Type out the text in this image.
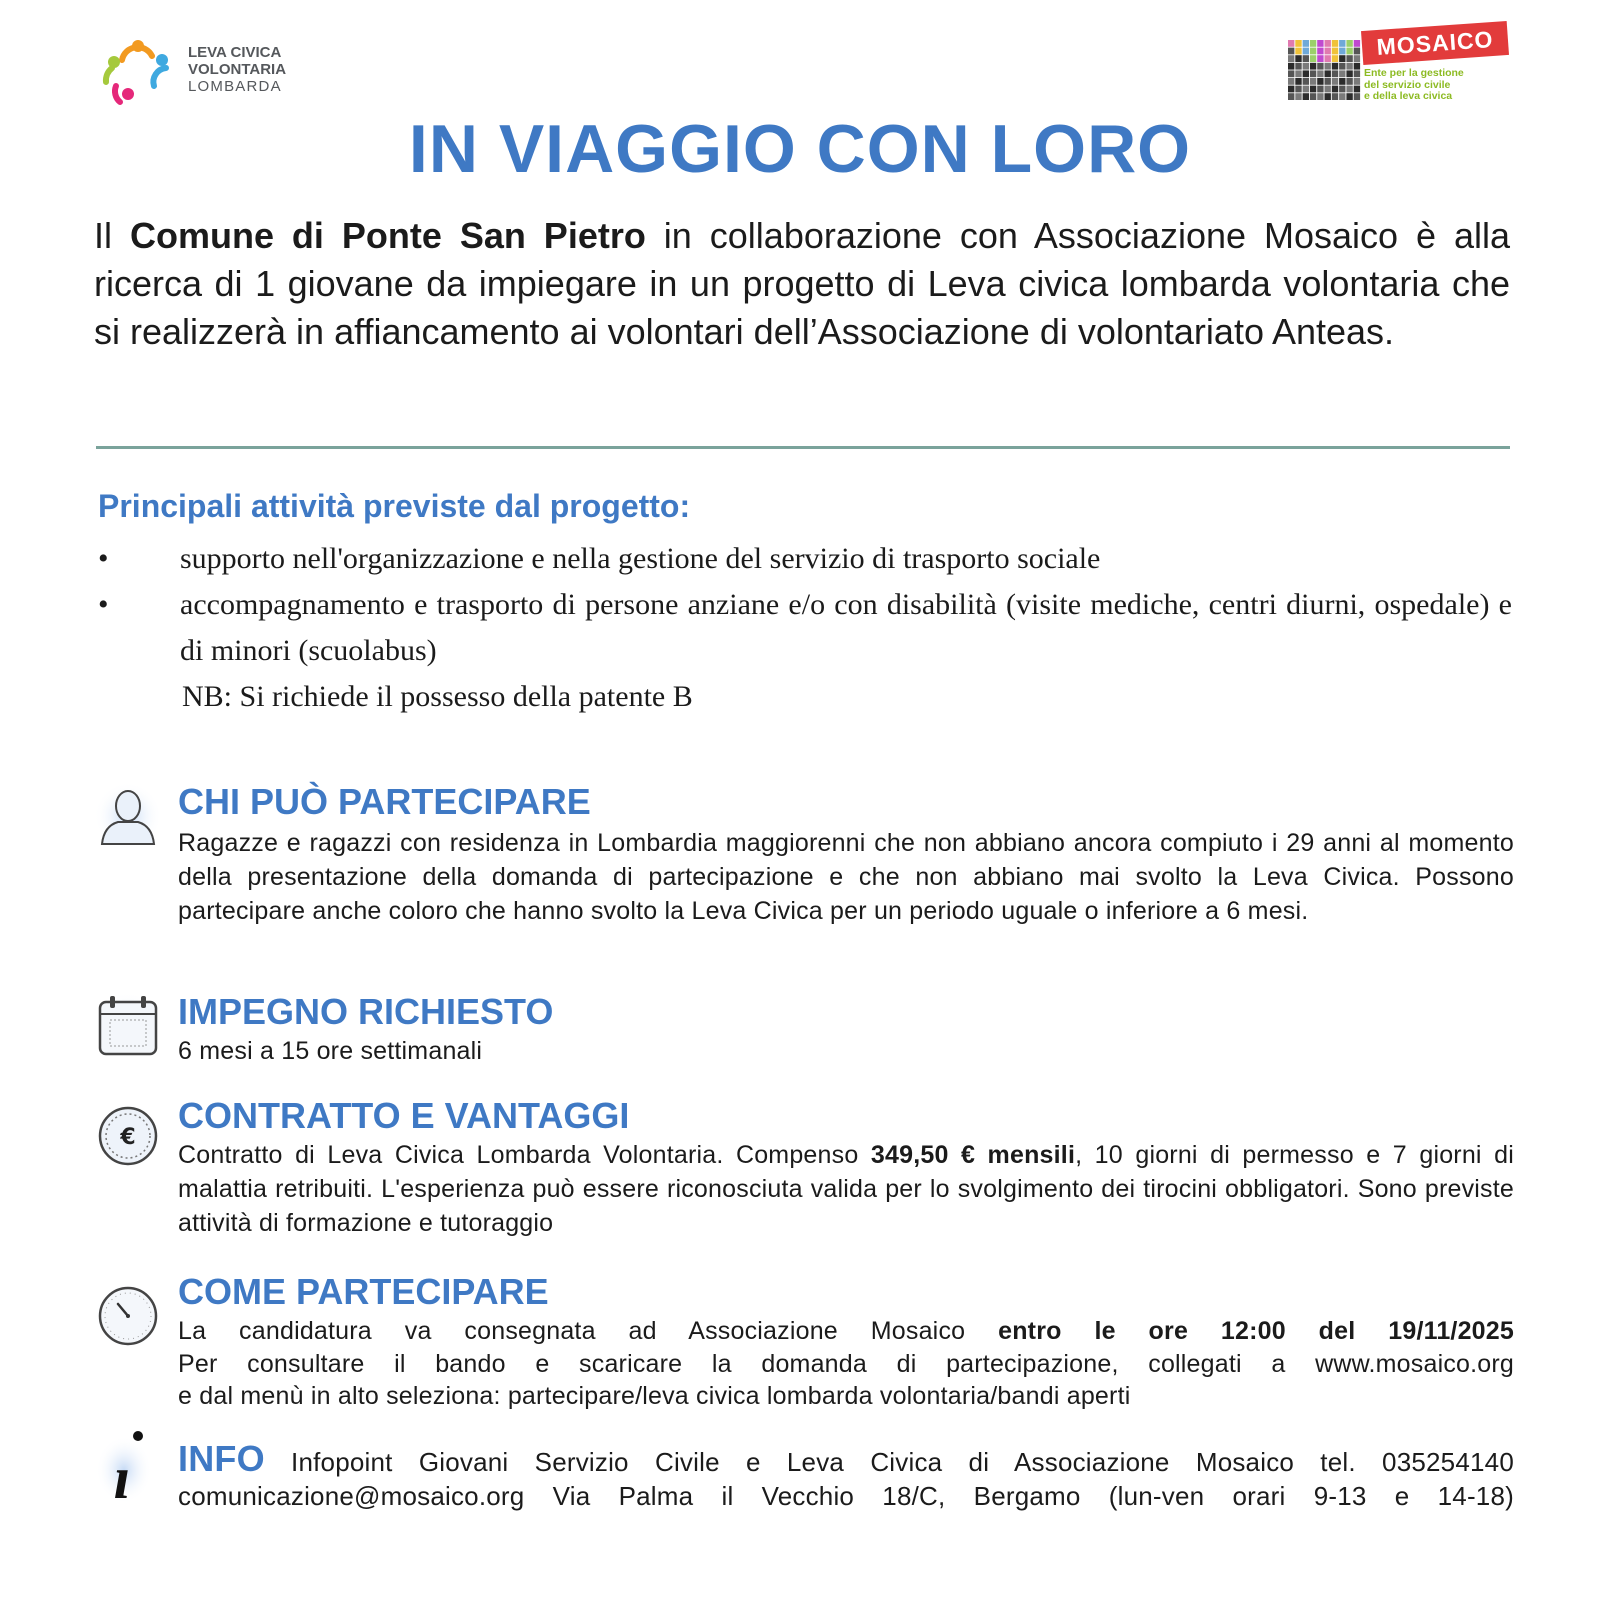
LEVA CIVICA
VOLONTARIA
LOMBARDA
MOSAICO
Ente per la gestione
del servizio civile
e della leva civica
IN VIAGGIO CON LORO
Il Comune di Ponte San Pietro in collaborazione con Associazione Mosaico è alla ricerca di 1 giovane da impiegare in un progetto di Leva civica lombarda volontaria che si realizzerà in affiancamento ai volontari dell’Associazione di volontariato Anteas.
Principali attività previste dal progetto:
• supporto nell'organizzazione e nella gestione del servizio di trasporto sociale
• accompagnamento e trasporto di persone anziane e/o con disabilità (visite mediche, centri diurni, ospedale) e di minori (scuolabus)
NB: Si richiede il possesso della patente B
CHI PUÒ PARTECIPARE
Ragazze e ragazzi con residenza in Lombardia maggiorenni che non abbiano ancora compiuto i 29 anni al momento della presentazione della domanda di partecipazione e che non abbiano mai svolto la Leva Civica. Possono partecipare anche coloro che hanno svolto la Leva Civica per un periodo uguale o inferiore a 6 mesi.
IMPEGNO RICHIESTO
6 mesi a 15 ore settimanali
€
CONTRATTO E VANTAGGI
Contratto di Leva Civica Lombarda Volontaria. Compenso 349,50 € mensili, 10 giorni di permesso e 7 giorni di malattia retribuiti. L'esperienza può essere riconosciuta valida per lo svolgimento dei tirocini obbligatori. Sono previste attività di formazione e tutoraggio
COME PARTECIPARE
La candidatura va consegnata ad Associazione Mosaico entro le ore 12:00 del 19/11/2025
Per consultare il bando e scaricare la domanda di partecipazione, collegati a www.mosaico.org
e dal menù in alto seleziona: partecipare/leva civica lombarda volontaria/bandi aperti
ı INFO Infopoint Giovani Servizio Civile e Leva Civica di Associazione Mosaico tel. 035254140
comunicazione@mosaico.org Via Palma il Vecchio 18/C, Bergamo (lun-ven orari 9-13 e 14-18)
